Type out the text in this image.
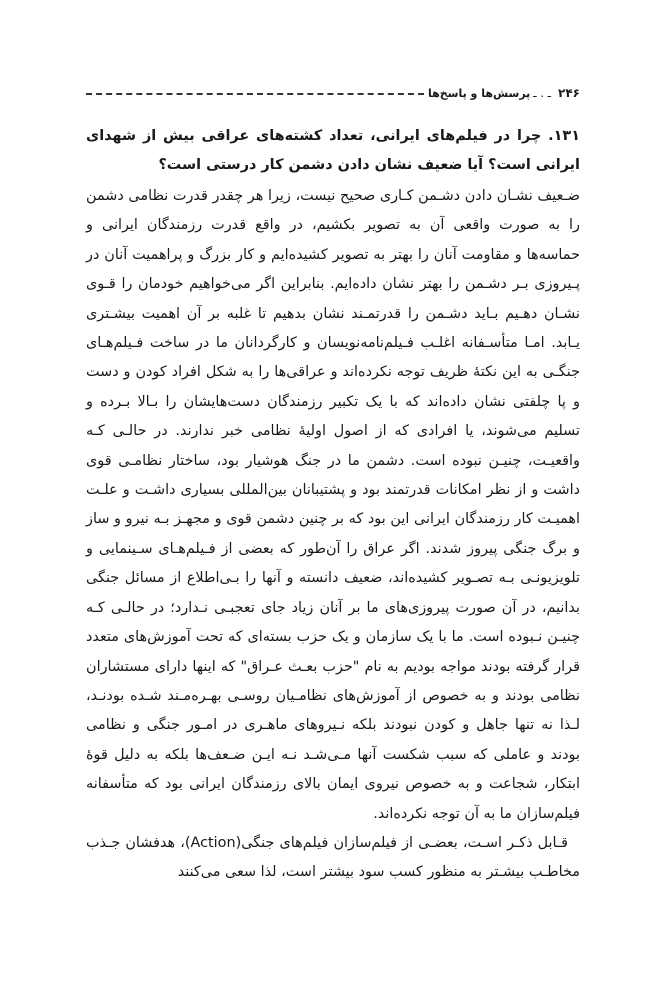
۲۴۶
ـ . ـ
پرسش‌ها و پاسخ‌ها

۱۳۱. چرا در فیلم‌های ایرانی، تعداد کشته‌های عراقی بیش از شهدای ایرانی است؟ آیا ضعیف نشان دادن دشمن کار درستی است؟

ضـعیف نشـان دادن دشـمن کـاری صحیح نیست، زیرا هر چقدر قدرت نظامی دشمن را به صورت واقعی آن به تصویر بکشیم، در واقع قدرت رزمندگان ایرانی و حماسه‌ها و مقاومت آنان را بهتر به تصویر کشیده‌ایم و کار بزرگ و پراهمیت آنان در پـیروزی بـر دشـمن را بهتر نشان داده‌ایم. بنابراین اگر می‌خواهیم خودمان را قـوی نشـان دهـیم بـاید دشـمن را قدرتمـند نشان بدهیم تا غلبه بر آن اهمیت بیشـتری یـابد. امـا متأسـفانه اغلـب فـیلم‌نامه‌نویسان و کارگردانان ما در ساخت فـیلم‌هـای جنگـی به این نکتهٔ ظریف توجه نکرده‌اند و عراقی‌ها را به شکل افراد کودن و دست و پا چلفتی نشان داده‌اند که با یک تکبیر رزمندگان دست‌هایشان را بـالا بـرده و تسلیم می‌شوند، یا افرادی که از اصول اولیهٔ نظامی خبر ندارند. در حالـی کـه واقعیـت، چنیـن نبوده است. دشمن ما در جنگ هوشیار بود، ساختار نظامـی قوی داشت و از نظر امکانات قدرتمند بود و پشتیبانان بین‌المللی بسیاری داشـت و علـت اهمیـت کار رزمندگان ایرانی این بود که بر چنین دشمن قوی و مجهـز بـه نیرو و ساز و برگ جنگی پیروز شدند. اگر عراق را آن‌طور که بعضی از فـیلم‌هـای سـینمایی و تلویزیونـی بـه تصـویر کشیده‌اند، ضعیف دانسته و آنها را بـی‌اطلاع از مسائل جنگی بدانیم، در آن صورت پیروزی‌های ما بر آنان زیاد جای تعجبـی نـدارد؛ در حالـی کـه چنیـن نـبوده است. ما با یک سازمان و یک حزب بسته‌ای که تحت آموزش‌های متعدد قرار گرفته بودند مواجه بودیم به نام "حزب بعـث عـراق" که اینها دارای مستشاران نظامی بودند و به خصوص از آموزش‌های نظامـیان روسـی بهـره‌مـند شـده بودنـد، لـذا نه تنها جاهل و کودن نبودند بلکه نـیروهای ماهـری در امـور جنگی و نظامی بودند و عاملی که سبب شکست آنها مـی‌شـد نـه ایـن ضـعف‌ها بلکه به دلیل قوهٔ ابتکار، شجاعت و به خصوص نیروی ایمان بالای رزمندگان ایرانی بود که متأسفانه فیلم‌سازان ما به آن توجه نکرده‌اند.

قـابل ذکـر اسـت، بعضـی از فیلم‌سازان فیلم‌های جنگی(Action)، هدفشان جـذب مخاطـب بیشـتر به منظور کسب سود بیشتر است، لذا سعی می‌کنند
